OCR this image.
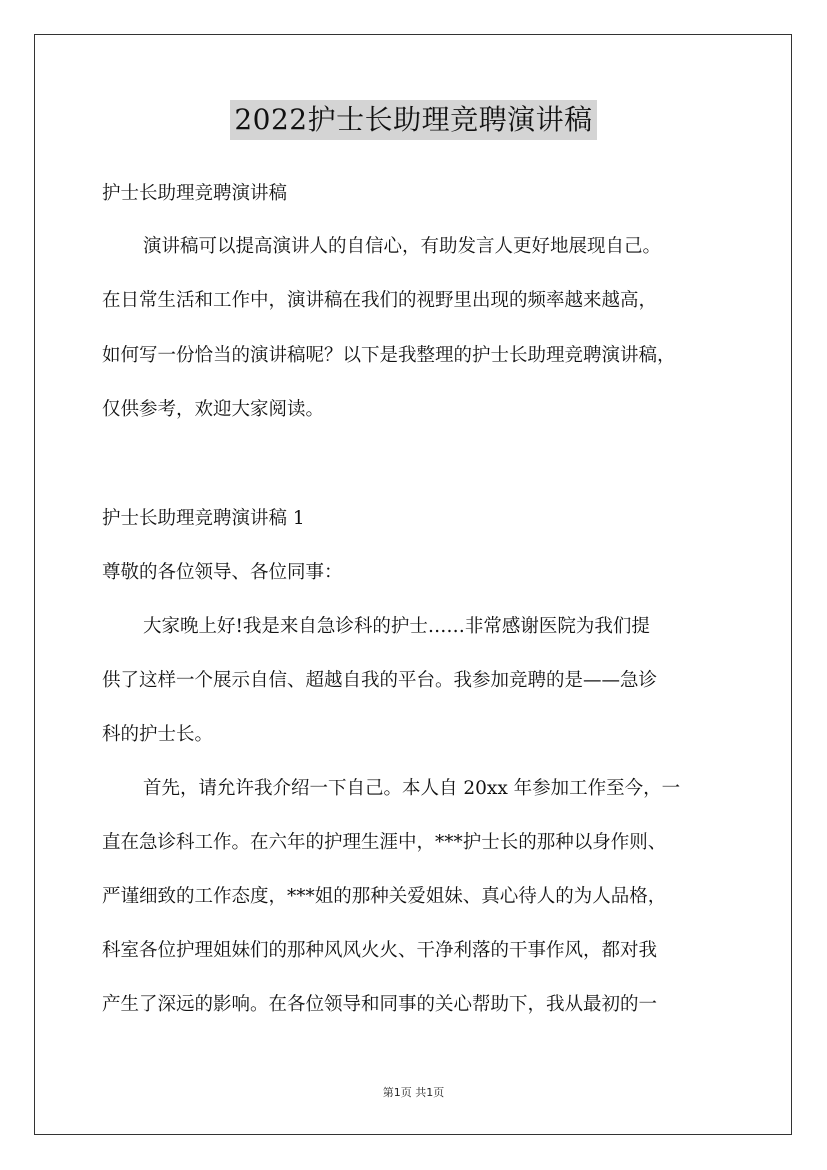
2022护士长助理竞聘演讲稿
护士长助理竞聘演讲稿
演讲稿可以提高演讲人的自信心，有助发言人更好地展现自己。
在日常生活和工作中，演讲稿在我们的视野里出现的频率越来越高，
如何写一份恰当的演讲稿呢？以下是我整理的护士长助理竞聘演讲稿，
仅供参考，欢迎大家阅读。
护士长助理竞聘演讲稿 1
尊敬的各位领导、各位同事：
大家晚上好!我是来自急诊科的护士……非常感谢医院为我们提
供了这样一个展示自信、超越自我的平台。我参加竞聘的是——急诊
科的护士长。
首先，请允许我介绍一下自己。本人自 20xx 年参加工作至今，一
直在急诊科工作。在六年的护理生涯中，***护士长的那种以身作则、
严谨细致的工作态度，***姐的那种关爱姐妹、真心待人的为人品格，
科室各位护理姐妹们的那种风风火火、干净利落的干事作风，都对我
产生了深远的影响。在各位领导和同事的关心帮助下，我从最初的一
第1页 共1页
